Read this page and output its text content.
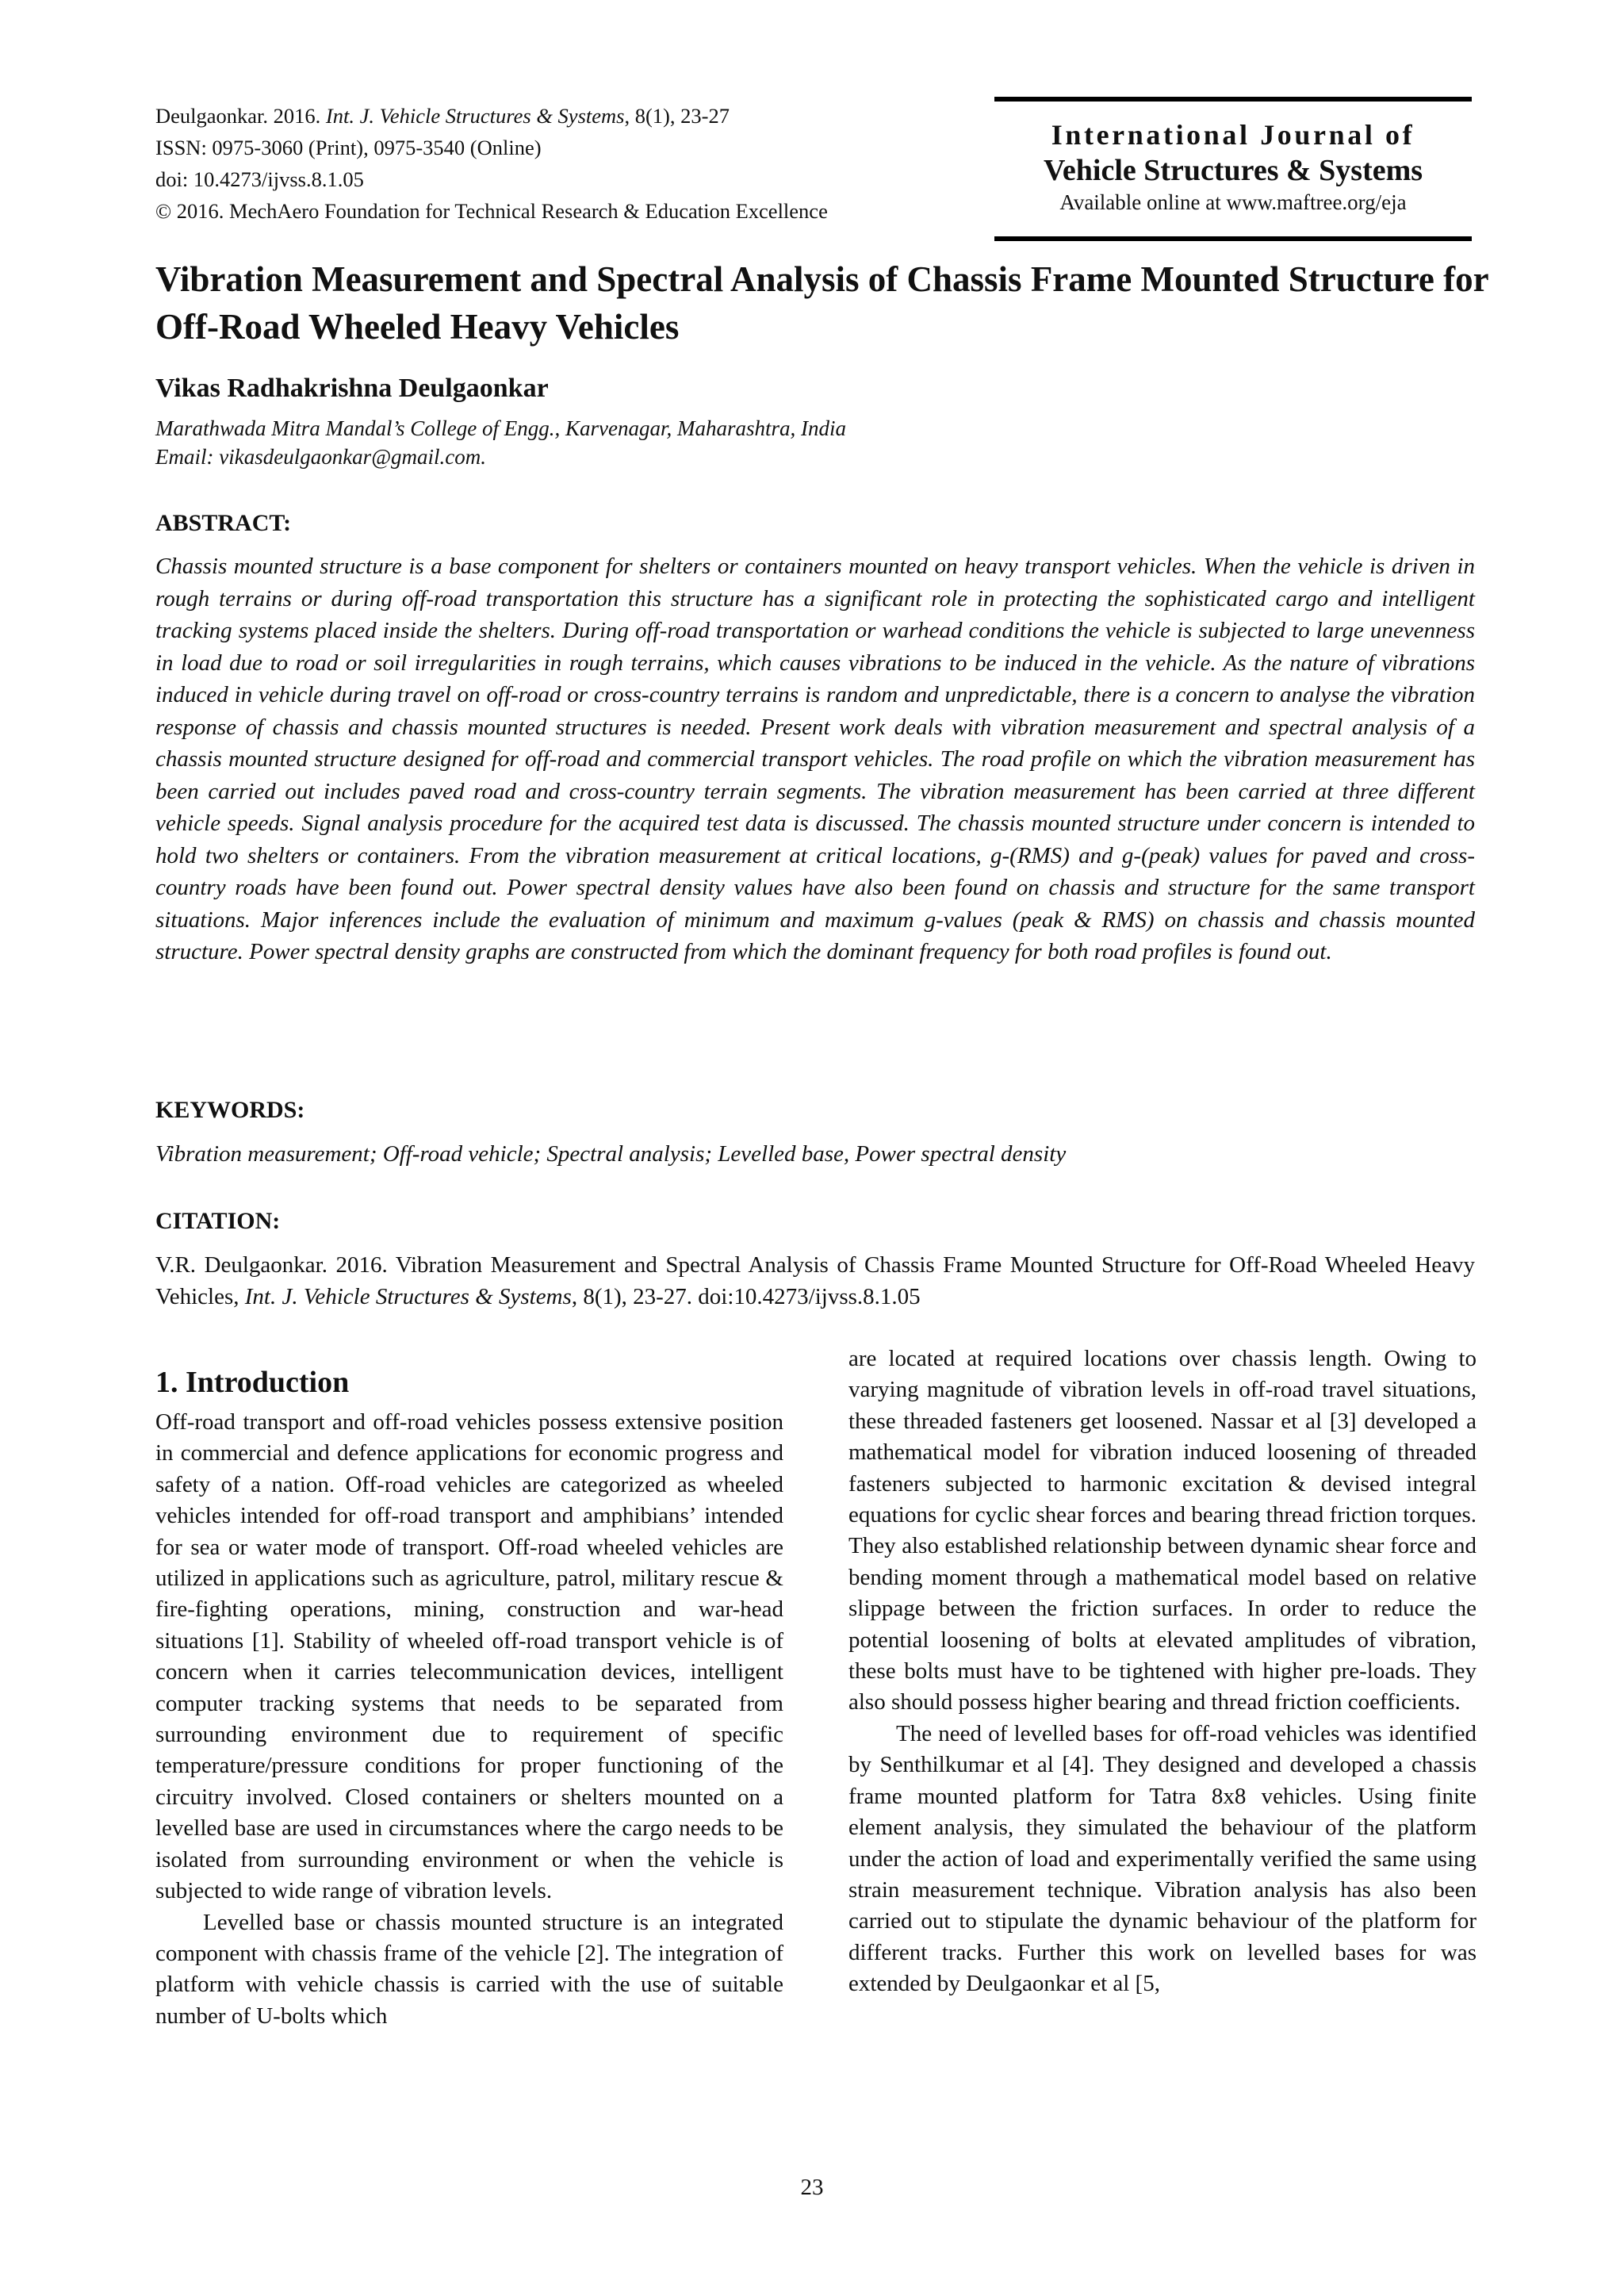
Deulgaonkar. 2016. Int. J. Vehicle Structures & Systems, 8(1), 23-27
ISSN: 0975-3060 (Print), 0975-3540 (Online)
doi: 10.4273/ijvss.8.1.05
© 2016. MechAero Foundation for Technical Research & Education Excellence
International Journal of
Vehicle Structures & Systems
Available online at www.maftree.org/eja
Vibration Measurement and Spectral Analysis of Chassis Frame Mounted Structure for Off-Road Wheeled Heavy Vehicles
Vikas Radhakrishna Deulgaonkar
Marathwada Mitra Mandal’s College of Engg., Karvenagar, Maharashtra, India
Email: vikasdeulgaonkar@gmail.com.
ABSTRACT:
Chassis mounted structure is a base component for shelters or containers mounted on heavy transport vehicles. When the vehicle is driven in rough terrains or during off-road transportation this structure has a significant role in protecting the sophisticated cargo and intelligent tracking systems placed inside the shelters. During off-road transportation or warhead conditions the vehicle is subjected to large unevenness in load due to road or soil irregularities in rough terrains, which causes vibrations to be induced in the vehicle. As the nature of vibrations induced in vehicle during travel on off-road or cross-country terrains is random and unpredictable, there is a concern to analyse the vibration response of chassis and chassis mounted structures is needed. Present work deals with vibration measurement and spectral analysis of a chassis mounted structure designed for off-road and commercial transport vehicles. The road profile on which the vibration measurement has been carried out includes paved road and cross-country terrain segments. The vibration measurement has been carried at three different vehicle speeds. Signal analysis procedure for the acquired test data is discussed. The chassis mounted structure under concern is intended to hold two shelters or containers. From the vibration measurement at critical locations, g-(RMS) and g-(peak) values for paved and cross-country roads have been found out. Power spectral density values have also been found on chassis and structure for the same transport situations. Major inferences include the evaluation of minimum and maximum g-values (peak & RMS) on chassis and chassis mounted structure. Power spectral density graphs are constructed from which the dominant frequency for both road profiles is found out.
KEYWORDS:
Vibration measurement; Off-road vehicle; Spectral analysis; Levelled base, Power spectral density
CITATION:
V.R. Deulgaonkar. 2016. Vibration Measurement and Spectral Analysis of Chassis Frame Mounted Structure for Off-Road Wheeled Heavy Vehicles, Int. J. Vehicle Structures & Systems, 8(1), 23-27. doi:10.4273/ijvss.8.1.05
1. Introduction

Off-road transport and off-road vehicles possess extensive position in commercial and defence applications for economic progress and safety of a nation. Off-road vehicles are categorized as wheeled vehicles intended for off-road transport and amphibians’ intended for sea or water mode of transport. Off-road wheeled vehicles are utilized in applications such as agriculture, patrol, military rescue & fire-fighting operations, mining, construction and war-head situations [1]. Stability of wheeled off-road transport vehicle is of concern when it carries telecommunication devices, intelligent computer tracking systems that needs to be separated from surrounding environment due to requirement of specific temperature/pressure conditions for proper functioning of the circuitry involved. Closed containers or shelters mounted on a levelled base are used in circumstances where the cargo needs to be isolated from surrounding environment or when the vehicle is subjected to wide range of vibration levels.

Levelled base or chassis mounted structure is an integrated component with chassis frame of the vehicle [2]. The integration of platform with vehicle chassis is carried with the use of suitable number of U-bolts which

are located at required locations over chassis length. Owing to varying magnitude of vibration levels in off-road travel situations, these threaded fasteners get loosened. Nassar et al [3] developed a mathematical model for vibration induced loosening of threaded fasteners subjected to harmonic excitation & devised integral equations for cyclic shear forces and bearing thread friction torques. They also established relationship between dynamic shear force and bending moment through a mathematical model based on relative slippage between the friction surfaces. In order to reduce the potential loosening of bolts at elevated amplitudes of vibration, these bolts must have to be tightened with higher pre-loads. They also should possess higher bearing and thread friction coefficients.

The need of levelled bases for off-road vehicles was identified by Senthilkumar et al [4]. They designed and developed a chassis frame mounted platform for Tatra 8x8 vehicles. Using finite element analysis, they simulated the behaviour of the platform under the action of load and experimentally verified the same using strain measurement technique. Vibration analysis has also been carried out to stipulate the dynamic behaviour of the platform for different tracks. Further this work on levelled bases for was extended by Deulgaonkar et al [5,

23
